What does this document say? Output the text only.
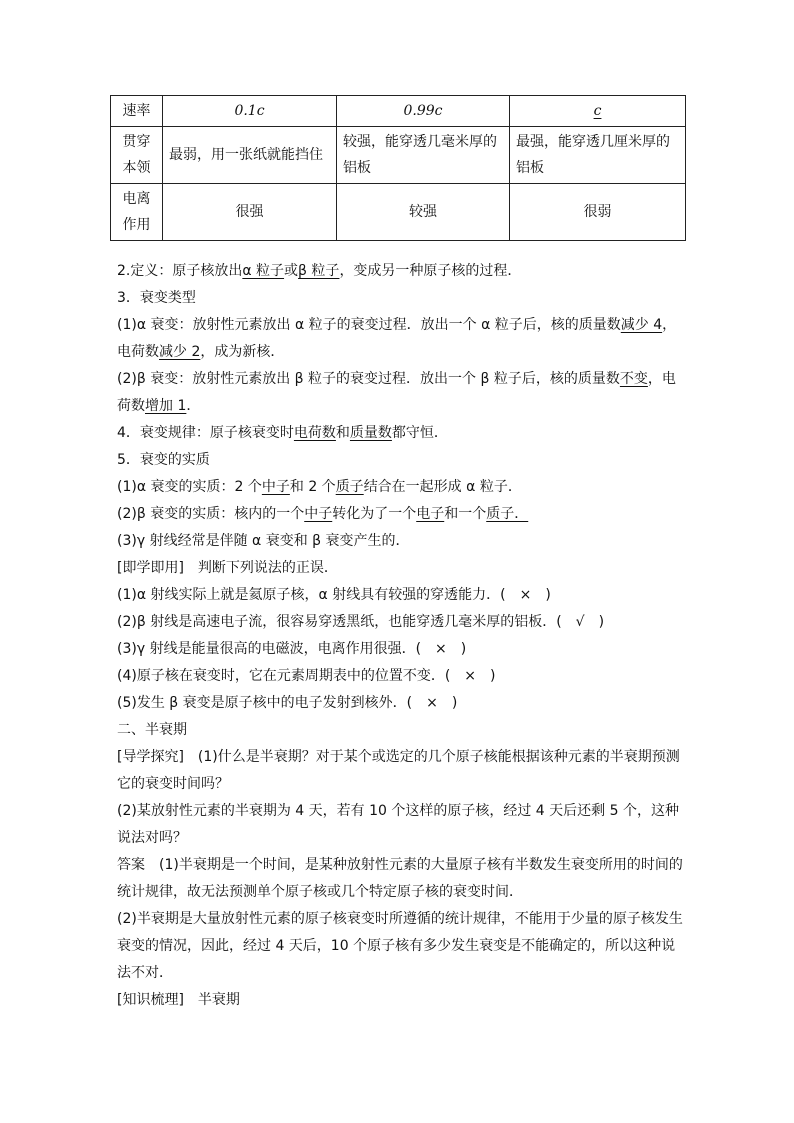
速率	0.1c	0.99c	c
贯穿本领	最弱，用一张纸就能挡住	较强，能穿透几毫米厚的铝板	最强，能穿透几厘米厚的铝板
电离作用	很强	较强	很弱
2.定义：原子核放出α 粒子或β 粒子，变成另一种原子核的过程．
3．衰变类型
(1)α 衰变：放射性元素放出 α 粒子的衰变过程．放出一个 α 粒子后，核的质量数减少 4，电荷数减少 2，成为新核．
(2)β 衰变：放射性元素放出 β 粒子的衰变过程．放出一个 β 粒子后，核的质量数不变，电荷数增加 1．
4．衰变规律：原子核衰变时电荷数和质量数都守恒．
5．衰变的实质
(1)α 衰变的实质：2 个中子和 2 个质子结合在一起形成 α 粒子．
(2)β 衰变的实质：核内的一个中子转化为了一个电子和一个质子．
(3)γ 射线经常是伴随 α 衰变和 β 衰变产生的．
[即学即用]　判断下列说法的正误．
(1)α 射线实际上就是氦原子核，α 射线具有较强的穿透能力．(　×　)
(2)β 射线是高速电子流，很容易穿透黑纸，也能穿透几毫米厚的铝板．(　√　)
(3)γ 射线是能量很高的电磁波，电离作用很强．(　×　)
(4)原子核在衰变时，它在元素周期表中的位置不变．(　×　)
(5)发生 β 衰变是原子核中的电子发射到核外．(　×　)
二、半衰期
[导学探究]　(1)什么是半衰期？对于某个或选定的几个原子核能根据该种元素的半衰期预测它的衰变时间吗？
(2)某放射性元素的半衰期为 4 天，若有 10 个这样的原子核，经过 4 天后还剩 5 个，这种说法对吗？
答案　(1)半衰期是一个时间，是某种放射性元素的大量原子核有半数发生衰变所用的时间的统计规律，故无法预测单个原子核或几个特定原子核的衰变时间．
(2)半衰期是大量放射性元素的原子核衰变时所遵循的统计规律，不能用于少量的原子核发生衰变的情况，因此，经过 4 天后，10 个原子核有多少发生衰变是不能确定的，所以这种说法不对．
[知识梳理]　半衰期
